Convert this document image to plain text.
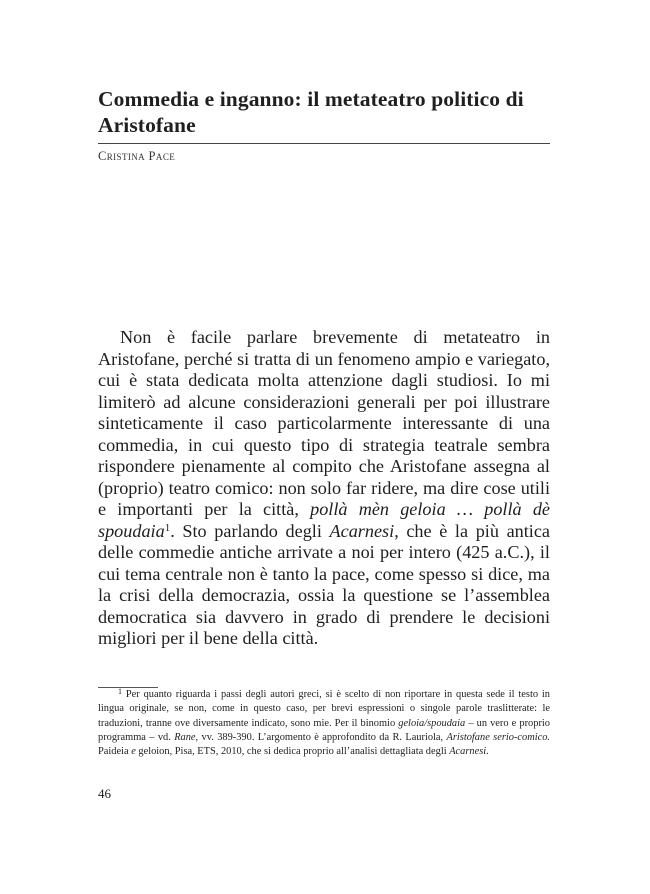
Commedia e inganno: il metateatro politico di Aristofane
Cristina Pace

Non è facile parlare brevemente di metateatro in Aristofane, perché si tratta di un fenomeno ampio e variegato, cui è stata dedicata molta attenzione dagli studiosi. Io mi limiterò ad alcune considerazioni generali per poi illustrare sinteticamente il caso particolarmente interessante di una commedia, in cui questo tipo di strategia teatrale sembra rispondere pienamente al compito che Aristofane assegna al (proprio) teatro comico: non solo far ridere, ma dire cose utili e importanti per la città, pollà mèn geloia … pollà dè spoudaia$^1$. Sto parlando degli Acarnesi, che è la più antica delle commedie antiche arrivate a noi per intero (425 a.C.), il cui tema centrale non è tanto la pace, come spesso si dice, ma la crisi della democrazia, ossia la questione se l’assemblea democratica sia davvero in grado di prendere le decisioni migliori per il bene della città.

$^1$ Per quanto riguarda i passi degli autori greci, si è scelto di non riportare in questa sede il testo in lingua originale, se non, come in questo caso, per brevi espressioni o singole parole traslitterate: le traduzioni, tranne ove diversamente indicato, sono mie. Per il binomio geloia/spoudaia – un vero e proprio programma – vd. Rane, vv. 389-390. L’argomento è approfondito da R. Lauriola, Aristofane serio-comico. Paideia e geloion, Pisa, ETS, 2010, che si dedica proprio all’analisi dettagliata degli Acarnesi.

46
